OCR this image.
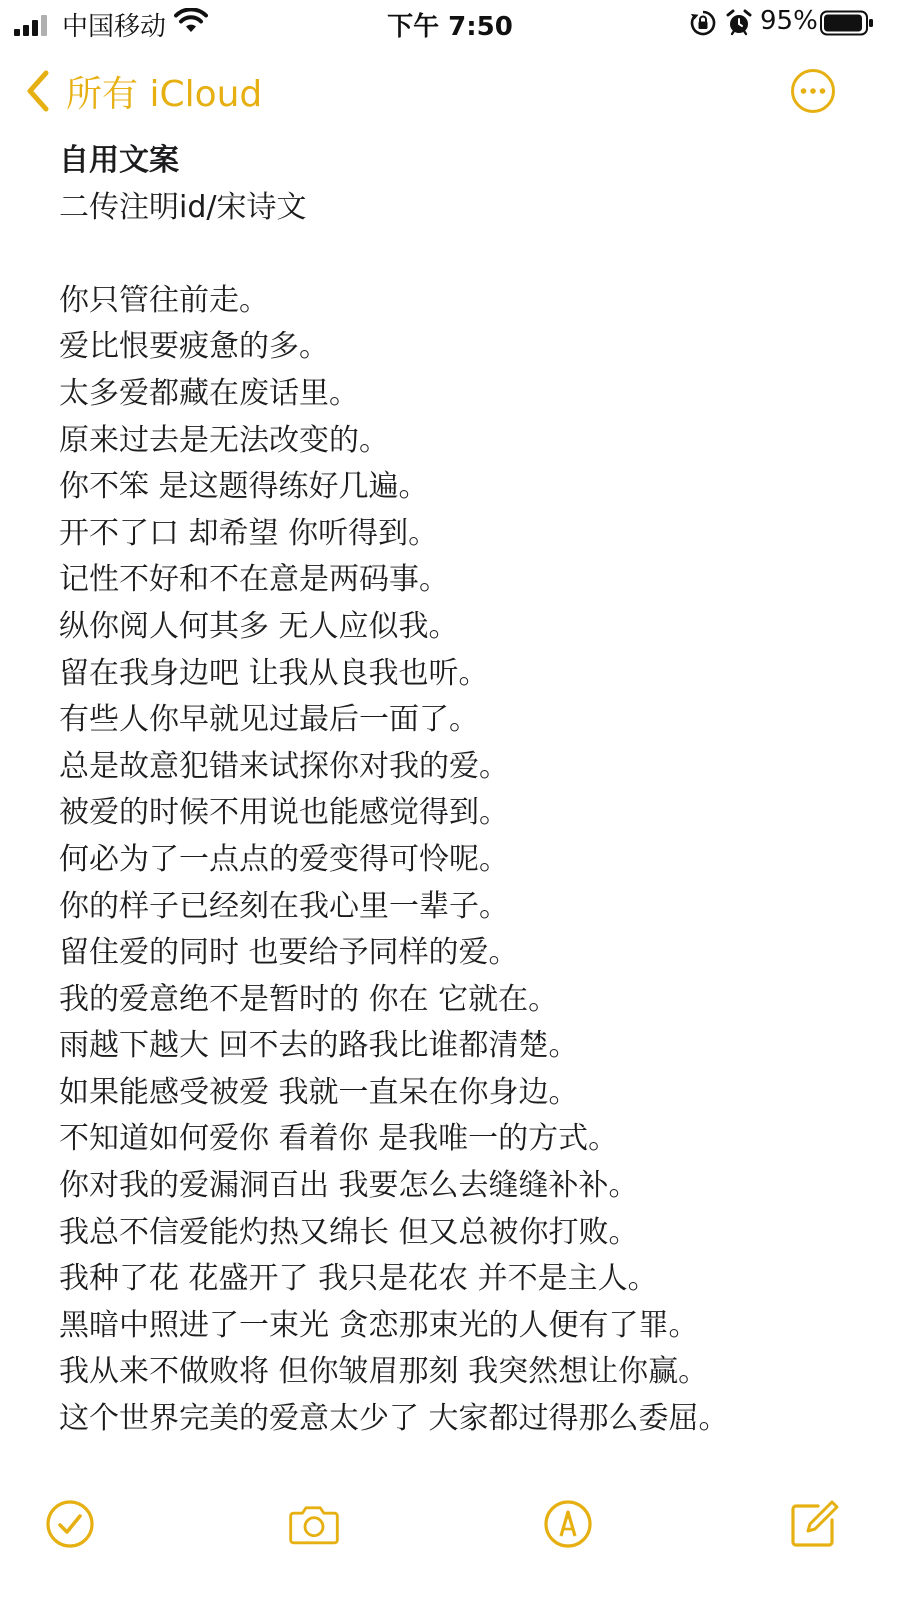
中国移动	下午 7:50	95%
所有 iCloud
自用文案
二传注明id/宋诗文
你只管往前走。
爱比恨要疲惫的多。
太多爱都藏在废话里。
原来过去是无法改变的。
你不笨 是这题得练好几遍。
开不了口 却希望 你听得到。
记性不好和不在意是两码事。
纵你阅人何其多 无人应似我。
留在我身边吧 让我从良我也听。
有些人你早就见过最后一面了。
总是故意犯错来试探你对我的爱。
被爱的时候不用说也能感觉得到。
何必为了一点点的爱变得可怜呢。
你的样子已经刻在我心里一辈子。
留住爱的同时 也要给予同样的爱。
我的爱意绝不是暂时的 你在 它就在。
雨越下越大 回不去的路我比谁都清楚。
如果能感受被爱 我就一直呆在你身边。
不知道如何爱你 看着你 是我唯一的方式。
你对我的爱漏洞百出 我要怎么去缝缝补补。
我总不信爱能灼热又绵长 但又总被你打败。
我种了花 花盛开了 我只是花农 并不是主人。
黑暗中照进了一束光 贪恋那束光的人便有了罪。
我从来不做败将 但你皱眉那刻 我突然想让你赢。
这个世界完美的爱意太少了 大家都过得那么委屈。
